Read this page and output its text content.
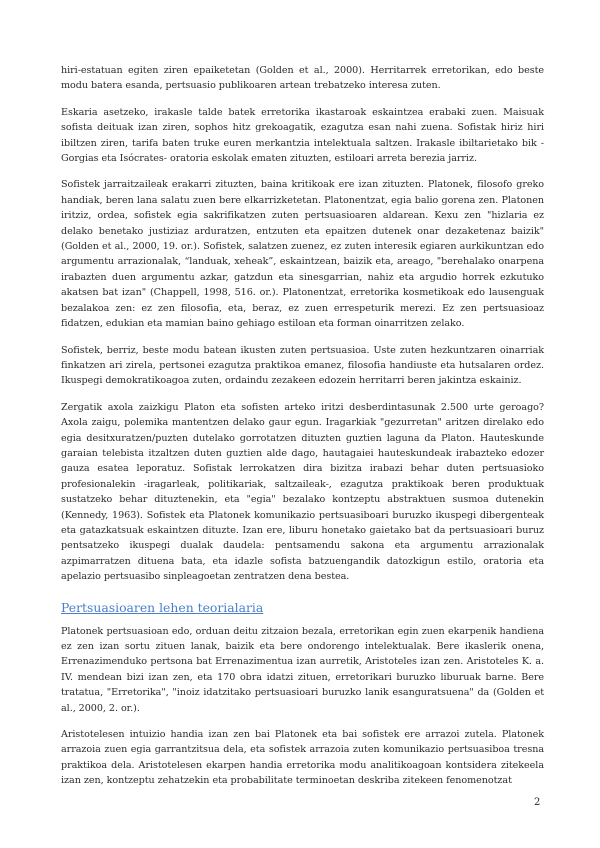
hiri-estatuan egiten ziren epaiketetan (Golden et al., 2000). Herritarrek erretorikan, edo beste modu batera esanda, pertsuasio publikoaren artean trebatzeko interesa zuten.

Eskaria asetzeko, irakasle talde batek erretorika ikastaroak eskaintzea erabaki zuen. Maisuak sofista deituak izan ziren, sophos hitz grekoagatik, ezagutza esan nahi zuena. Sofistak hiriz hiri ibiltzen ziren, tarifa baten truke euren merkantzia intelektuala saltzen. Irakasle ibiltarietako bik -Gorgias eta Isócrates- oratoria eskolak ematen zituzten, estiloari arreta berezia jarriz.

Sofistek jarraitzaileak erakarri zituzten, baina kritikoak ere izan zituzten. Platonek, filosofo greko handiak, beren lana salatu zuen bere elkarrizketetan. Platonentzat, egia balio gorena zen. Platonen iritziz, ordea, sofistek egia sakrifikatzen zuten pertsuasioaren aldarean. Kexu zen "hizlaria ez delako benetako justiziaz arduratzen, entzuten eta epaitzen dutenek onar dezaketenaz baizik" (Golden et al., 2000, 19. or.). Sofistek, salatzen zuenez, ez zuten interesik egiaren aurkikuntzan edo argumentu arrazionalak, “landuak, xeheak”, eskaintzean, baizik eta, areago, "berehalako onarpena irabazten duen argumentu azkar, gatzdun eta sinesgarrian, nahiz eta argudio horrek ezkutuko akatsen bat izan" (Chappell, 1998, 516. or.). Platonentzat, erretorika kosmetikoak edo lausenguak bezalakoa zen: ez zen filosofia, eta, beraz, ez zuen errespeturik merezi. Ez zen pertsuasioaz fidatzen, edukian eta mamian baino gehiago estiloan eta forman oinarritzen zelako.

Sofistek, berriz, beste modu batean ikusten zuten pertsuasioa. Uste zuten hezkuntzaren oinarriak finkatzen ari zirela, pertsonei ezagutza praktikoa emanez, filosofia handiuste eta hutsalaren ordez. Ikuspegi demokratikoagoa zuten, ordaindu zezakeen edozein herritarri beren jakintza eskainiz.

Zergatik axola zaizkigu Platon eta sofisten arteko iritzi desberdintasunak 2.500 urte geroago? Axola zaigu, polemika mantentzen delako gaur egun. Iragarkiak "gezurretan" aritzen direlako edo egia desitxuratzen/puzten dutelako gorrotatzen dituzten guztien laguna da Platon. Hauteskunde garaian telebista itzaltzen duten guztien alde dago, hautagaiei hauteskundeak irabazteko edozer gauza esatea leporatuz. Sofistak lerrokatzen dira bizitza irabazi behar duten pertsuasioko profesionalekin -iragarleak, politikariak, saltzaileak-, ezagutza praktikoak beren produktuak sustatzeko behar dituztenekin, eta "egia" bezalako kontzeptu abstraktuen susmoa dutenekin (Kennedy, 1963). Sofistek eta Platonek komunikazio pertsuasiboari buruzko ikuspegi dibergenteak eta gatazkatsuak eskaintzen dituzte. Izan ere, liburu honetako gaietako bat da pertsuasioari buruz pentsatzeko ikuspegi dualak daudela: pentsamendu sakona eta argumentu arrazionalak azpimarratzen dituena bata, eta idazle sofista batzuengandik datozkigun estilo, oratoria eta apelazio pertsuasibo sinpleagoetan zentratzen dena bestea.

Pertsuasioaren lehen teorialaria

Platonek pertsuasioan edo, orduan deitu zitzaion bezala, erretorikan egin zuen ekarpenik handiena ez zen izan sortu zituen lanak, baizik eta bere ondorengo intelektualak. Bere ikaslerik onena, Errenazimenduko pertsona bat Errenazimentua izan aurretik, Aristoteles izan zen. Aristoteles K. a. IV. mendean bizi izan zen, eta 170 obra idatzi zituen, erretorikari buruzko liburuak barne. Bere tratatua, "Erretorika", "inoiz idatzitako pertsuasioari buruzko lanik esanguratsuena" da (Golden et al., 2000, 2. or.).

Aristotelesen intuizio handia izan zen bai Platonek eta bai sofistek ere arrazoi zutela. Platonek arrazoia zuen egia garrantzitsua dela, eta sofistek arrazoia zuten komunikazio pertsuasiboa tresna praktikoa dela. Aristotelesen ekarpen handia erretorika modu analitikoagoan kontsidera zitekeela izan zen, kontzeptu zehatzekin eta probabilitate terminoetan deskriba zitekeen fenomenotzat

2
